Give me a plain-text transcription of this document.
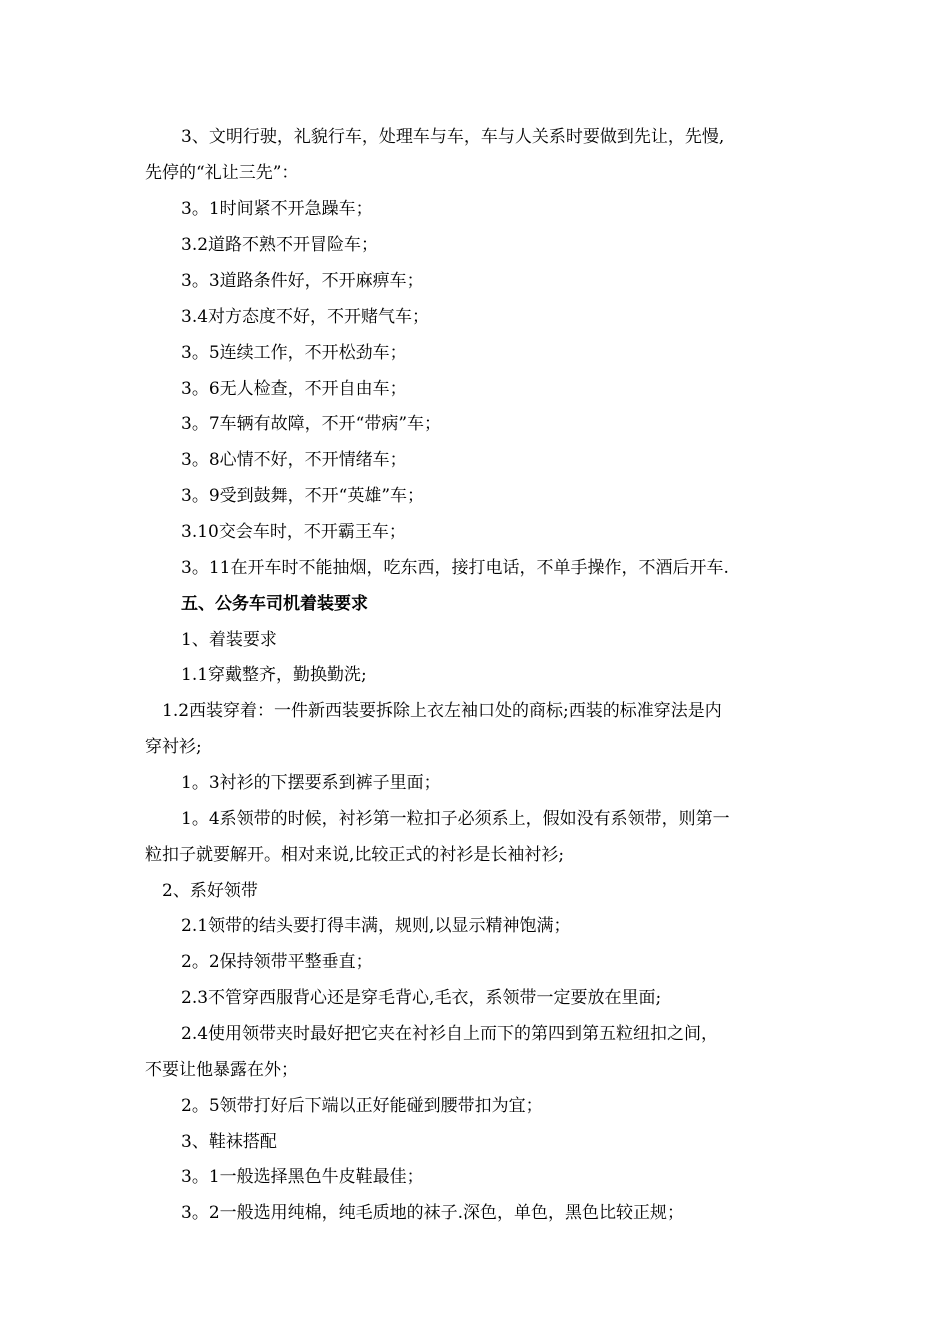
3、文明行驶，礼貌行车，处理车与车，车与人关系时要做到先让，先慢,
先停的“礼让三先”：
3。1时间紧不开急躁车；
3.2道路不熟不开冒险车；
3。3道路条件好，不开麻痹车；
3.4对方态度不好，不开赌气车；
3。5连续工作，不开松劲车；
3。6无人检查，不开自由车；
3。7车辆有故障，不开“带病”车；
3。8心情不好，不开情绪车；
3。9受到鼓舞，不开“英雄”车；
3.10交会车时，不开霸王车；
3。11在开车时不能抽烟，吃东西，接打电话，不单手操作，不酒后开车.
五、公务车司机着装要求
1、着装要求
1.1穿戴整齐，勤换勤洗;
1.2西装穿着：一件新西装要拆除上衣左袖口处的商标;西装的标准穿法是内
穿衬衫;
1。3衬衫的下摆要系到裤子里面；
1。4系领带的时候，衬衫第一粒扣子必须系上，假如没有系领带，则第一
粒扣子就要解开。相对来说,比较正式的衬衫是长袖衬衫;
2、系好领带
2.1领带的结头要打得丰满，规则,以显示精神饱满；
2。2保持领带平整垂直；
2.3不管穿西服背心还是穿毛背心,毛衣，系领带一定要放在里面;
2.4使用领带夹时最好把它夹在衬衫自上而下的第四到第五粒纽扣之间，
不要让他暴露在外；
2。5领带打好后下端以正好能碰到腰带扣为宜；
3、鞋袜搭配
3。1一般选择黑色牛皮鞋最佳；
3。2一般选用纯棉，纯毛质地的袜子.深色，单色，黑色比较正规；
